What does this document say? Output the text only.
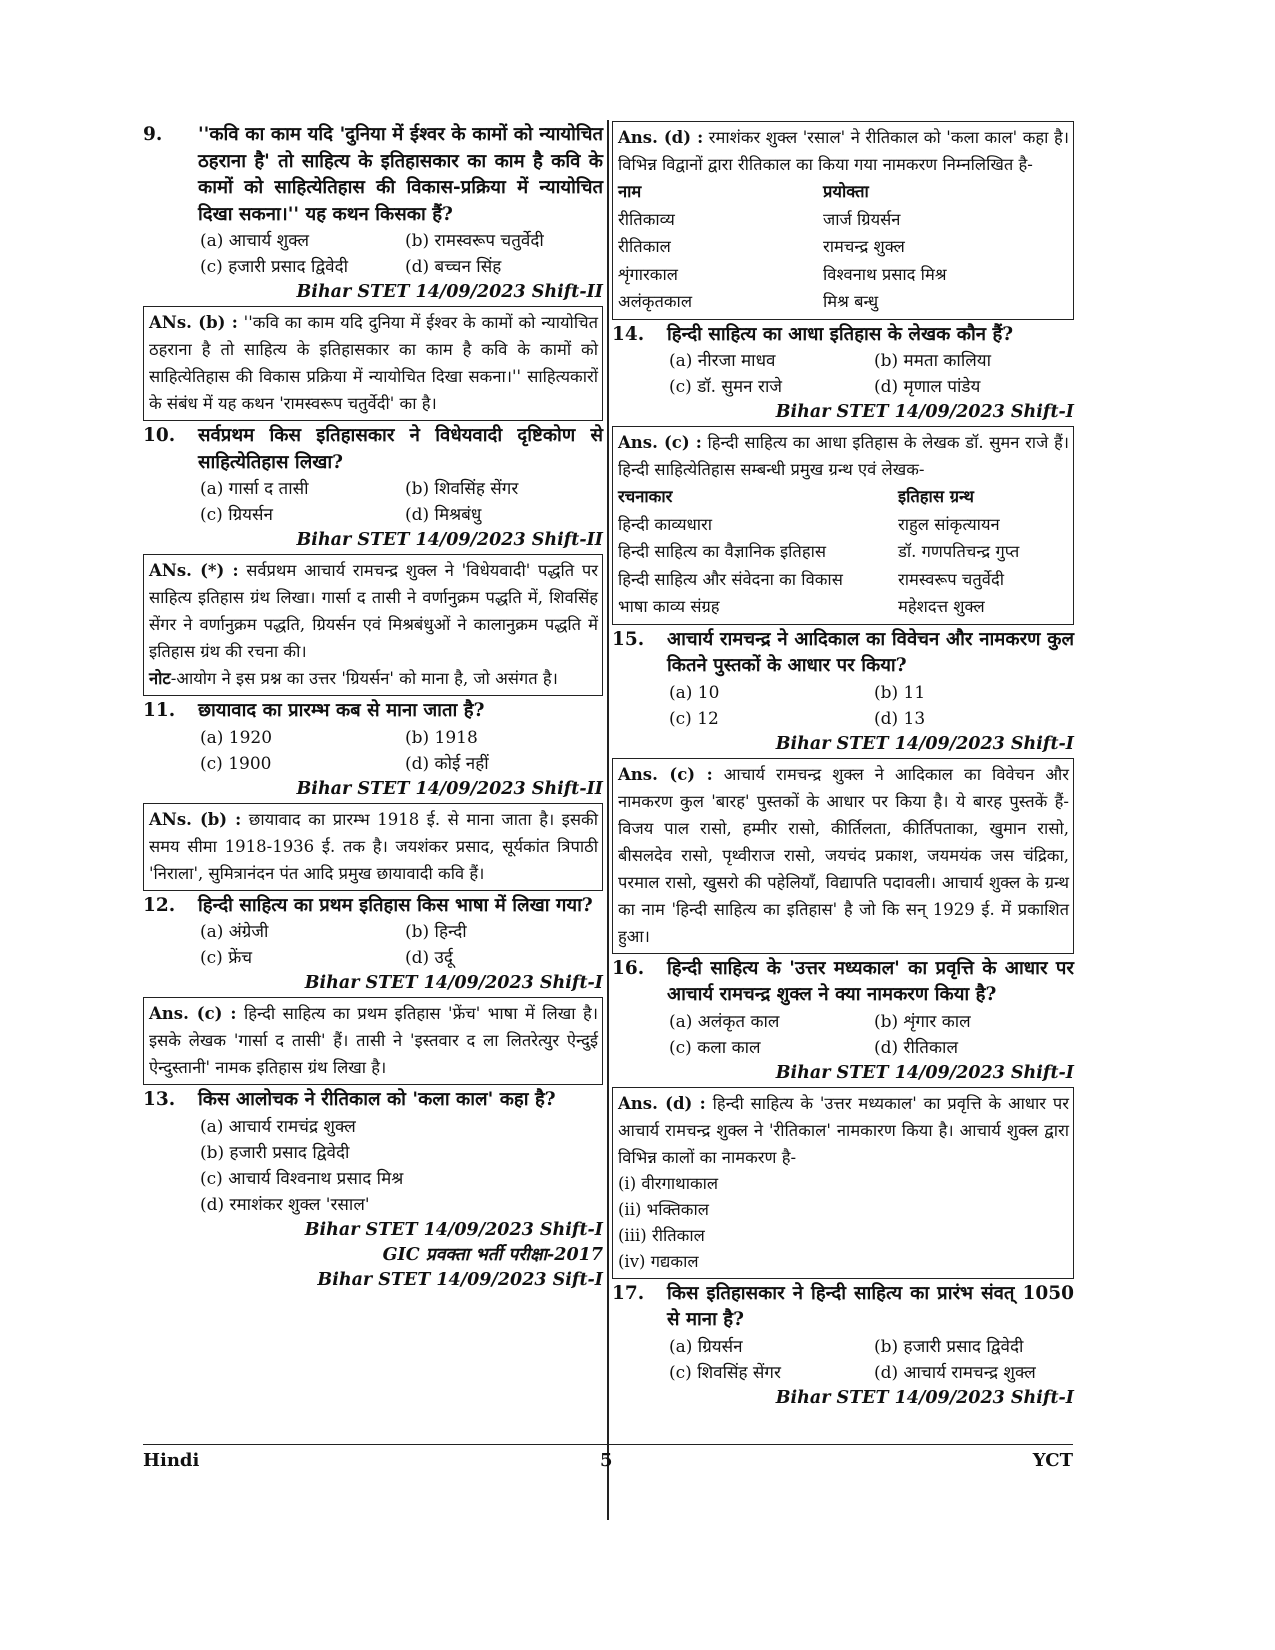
9.	''कवि का काम यदि 'दुनिया में ईश्वर के कामों को न्यायोचित ठहराना है' तो साहित्य के इतिहासकार का काम है कवि के कामों को साहित्येतिहास की विकास-प्रक्रिया में न्यायोचित दिखा सकना।'' यह कथन किसका हैं?
(a) आचार्य शुक्ल	(b) रामस्वरूप चतुर्वेदी
(c) हजारी प्रसाद द्विवेदी	(d) बच्चन सिंह
Bihar STET 14/09/2023 Shift-II
ANs. (b) : ''कवि का काम यदि दुनिया में ईश्वर के कामों को न्यायोचित ठहराना है तो साहित्य के इतिहासकार का काम है कवि के कामों को साहित्येतिहास की विकास प्रक्रिया में न्यायोचित दिखा सकना।'' साहित्यकारों के संबंध में यह कथन 'रामस्वरूप चतुर्वेदी' का है।
10.	सर्वप्रथम किस इतिहासकार ने विधेयवादी दृष्टिकोण से साहित्येतिहास लिखा?
(a) गार्सा द तासी	(b) शिवसिंह सेंगर
(c) ग्रियर्सन	(d) मिश्रबंधु
Bihar STET 14/09/2023 Shift-II
ANs. (*) : सर्वप्रथम आचार्य रामचन्द्र शुक्ल ने 'विधेयवादी' पद्धति पर साहित्य इतिहास ग्रंथ लिखा। गार्सा द तासी ने वर्णानुक्रम पद्धति में, शिवसिंह सेंगर ने वर्णानुक्रम पद्धति, ग्रियर्सन एवं मिश्रबंधुओं ने कालानुक्रम पद्धति में इतिहास ग्रंथ की रचना की।
नोट-आयोग ने इस प्रश्न का उत्तर 'ग्रियर्सन' को माना है, जो असंगत है।
11.	छायावाद का प्रारम्भ कब से माना जाता है?
(a) 1920	(b) 1918
(c) 1900	(d) कोई नहीं
Bihar STET 14/09/2023 Shift-II
ANs. (b) : छायावाद का प्रारम्भ 1918 ई. से माना जाता है। इसकी समय सीमा 1918-1936 ई. तक है। जयशंकर प्रसाद, सूर्यकांत त्रिपाठी 'निराला', सुमित्रानंदन पंत आदि प्रमुख छायावादी कवि हैं।
12.	हिन्दी साहित्य का प्रथम इतिहास किस भाषा में लिखा गया?
(a) अंग्रेजी	(b) हिन्दी
(c) फ्रेंच	(d) उर्दू
Bihar STET 14/09/2023 Shift-I
Ans. (c) : हिन्दी साहित्य का प्रथम इतिहास 'फ्रेंच' भाषा में लिखा है। इसके लेखक 'गार्सा द तासी' हैं। तासी ने 'इस्तवार द ला लितरेत्युर ऐन्दुई ऐन्दुस्तानी' नामक इतिहास ग्रंथ लिखा है।
13.	किस आलोचक ने रीतिकाल को 'कला काल' कहा है?
(a) आचार्य रामचंद्र शुक्ल
(b) हजारी प्रसाद द्विवेदी
(c) आचार्य विश्वनाथ प्रसाद मिश्र
(d) रमाशंकर शुक्ल 'रसाल'
Bihar STET 14/09/2023 Shift-I
GIC प्रवक्ता भर्ती परीक्षा-2017
Bihar STET 14/09/2023 Sift-I
Ans. (d) : रमाशंकर शुक्ल 'रसाल' ने रीतिकाल को 'कला काल' कहा है। विभिन्न विद्वानों द्वारा रीतिकाल का किया गया नामकरण निम्नलिखित है-
नाम	प्रयोक्ता
रीतिकाव्य	जार्ज ग्रियर्सन
रीतिकाल	रामचन्द्र शुक्ल
शृंगारकाल	विश्वनाथ प्रसाद मिश्र
अलंकृतकाल	मिश्र बन्धु
14.	हिन्दी साहित्य का आधा इतिहास के लेखक कौन हैं?
(a) नीरजा माधव	(b) ममता कालिया
(c) डॉ. सुमन राजे	(d) मृणाल पांडेय
Bihar STET 14/09/2023 Shift-I
Ans. (c) : हिन्दी साहित्य का आधा इतिहास के लेखक डॉ. सुमन राजे हैं। हिन्दी साहित्येतिहास सम्बन्धी प्रमुख ग्रन्थ एवं लेखक-
रचनाकार	इतिहास ग्रन्थ
हिन्दी काव्यधारा	राहुल सांकृत्यायन
हिन्दी साहित्य का वैज्ञानिक इतिहास	डॉ. गणपतिचन्द्र गुप्त
हिन्दी साहित्य और संवेदना का विकास	रामस्वरूप चतुर्वेदी
भाषा काव्य संग्रह	महेशदत्त शुक्ल
15.	आचार्य रामचन्द्र ने आदिकाल का विवेचन और नामकरण कुल कितने पुस्तकों के आधार पर किया?
(a) 10	(b) 11
(c) 12	(d) 13
Bihar STET 14/09/2023 Shift-I
Ans. (c) : आचार्य रामचन्द्र शुक्ल ने आदिकाल का विवेचन और नामकरण कुल 'बारह' पुस्तकों के आधार पर किया है। ये बारह पुस्तकें हैं- विजय पाल रासो, हम्मीर रासो, कीर्तिलता, कीर्तिपताका, खुमान रासो, बीसलदेव रासो, पृथ्वीराज रासो, जयचंद प्रकाश, जयमयंक जस चंद्रिका, परमाल रासो, खुसरो की पहेलियाँ, विद्यापति पदावली। आचार्य शुक्ल के ग्रन्थ का नाम 'हिन्दी साहित्य का इतिहास' है जो कि सन् 1929 ई. में प्रकाशित हुआ।
16.	हिन्दी साहित्य के 'उत्तर मध्यकाल' का प्रवृत्ति के आधार पर आचार्य रामचन्द्र शुक्ल ने क्या नामकरण किया है?
(a) अलंकृत काल	(b) शृंगार काल
(c) कला काल	(d) रीतिकाल
Bihar STET 14/09/2023 Shift-I
Ans. (d) : हिन्दी साहित्य के 'उत्तर मध्यकाल' का प्रवृत्ति के आधार पर आचार्य रामचन्द्र शुक्ल ने 'रीतिकाल' नामकारण किया है। आचार्य शुक्ल द्वारा विभिन्न कालों का नामकरण है-
(i) वीरगाथाकाल
(ii) भक्तिकाल
(iii) रीतिकाल
(iv) गद्यकाल
17.	किस इतिहासकार ने हिन्दी साहित्य का प्रारंभ संवत् 1050 से माना है?
(a) ग्रियर्सन	(b) हजारी प्रसाद द्विवेदी
(c) शिवसिंह सेंगर	(d) आचार्य रामचन्द्र शुक्ल
Bihar STET 14/09/2023 Shift-I
Hindi	5	YCT
